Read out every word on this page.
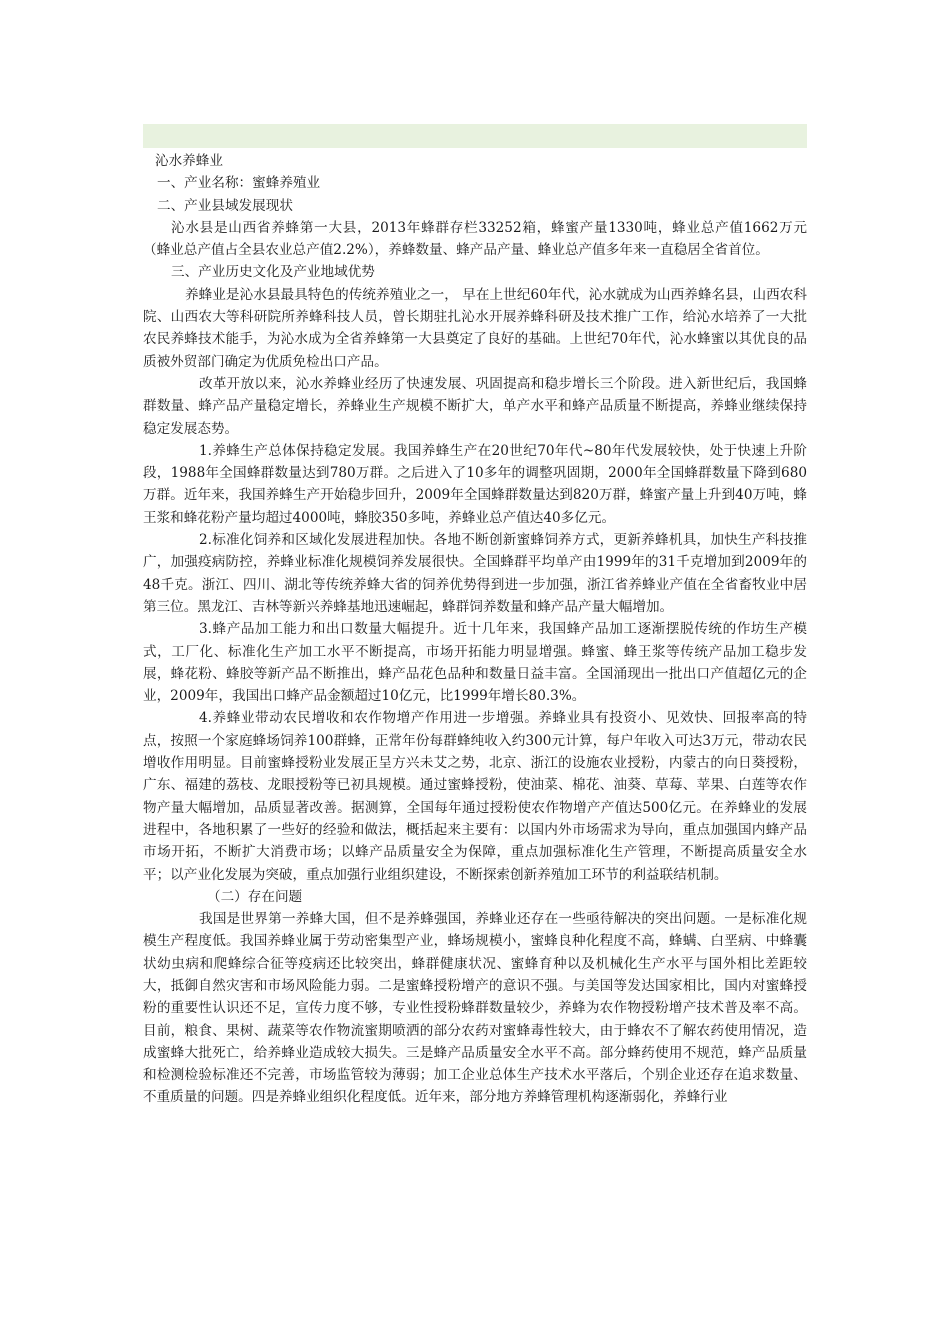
沁水养蜂业

一、产业名称：蜜蜂养殖业

二、产业县域发展现状

沁水县是山西省养蜂第一大县，2013年蜂群存栏33252箱，蜂蜜产量1330吨，蜂业总产值1662万元（蜂业总产值占全县农业总产值2.2%），养蜂数量、蜂产品产量、蜂业总产值多年来一直稳居全省首位。

三、产业历史文化及产业地域优势

养蜂业是沁水县最具特色的传统养殖业之一， 早在上世纪60年代，沁水就成为山西养蜂名县，山西农科院、山西农大等科研院所养蜂科技人员，曾长期驻扎沁水开展养蜂科研及技术推广工作，给沁水培养了一大批农民养蜂技术能手，为沁水成为全省养蜂第一大县奠定了良好的基础。上世纪70年代，沁水蜂蜜以其优良的品质被外贸部门确定为优质免检出口产品。

改革开放以来，沁水养蜂业经历了快速发展、巩固提高和稳步增长三个阶段。进入新世纪后，我国蜂群数量、蜂产品产量稳定增长，养蜂业生产规模不断扩大，单产水平和蜂产品质量不断提高，养蜂业继续保持稳定发展态势。

1.养蜂生产总体保持稳定发展。我国养蜂生产在20世纪70年代~80年代发展较快，处于快速上升阶段，1988年全国蜂群数量达到780万群。之后进入了10多年的调整巩固期，2000年全国蜂群数量下降到680万群。近年来，我国养蜂生产开始稳步回升，2009年全国蜂群数量达到820万群，蜂蜜产量上升到40万吨，蜂王浆和蜂花粉产量均超过4000吨，蜂胶350多吨，养蜂业总产值达40多亿元。

2.标准化饲养和区域化发展进程加快。各地不断创新蜜蜂饲养方式，更新养蜂机具，加快生产科技推广，加强疫病防控，养蜂业标准化规模饲养发展很快。全国蜂群平均单产由1999年的31千克增加到2009年的48千克。浙江、四川、湖北等传统养蜂大省的饲养优势得到进一步加强，浙江省养蜂业产值在全省畜牧业中居第三位。黑龙江、吉林等新兴养蜂基地迅速崛起，蜂群饲养数量和蜂产品产量大幅增加。

3.蜂产品加工能力和出口数量大幅提升。近十几年来，我国蜂产品加工逐渐摆脱传统的作坊生产模式，工厂化、标准化生产加工水平不断提高，市场开拓能力明显增强。蜂蜜、蜂王浆等传统产品加工稳步发展，蜂花粉、蜂胶等新产品不断推出，蜂产品花色品种和数量日益丰富。全国涌现出一批出口产值超亿元的企业，2009年，我国出口蜂产品金额超过10亿元，比1999年增长80.3%。

4.养蜂业带动农民增收和农作物增产作用进一步增强。养蜂业具有投资小、见效快、回报率高的特点，按照一个家庭蜂场饲养100群蜂，正常年份每群蜂纯收入约300元计算，每户年收入可达3万元，带动农民增收作用明显。目前蜜蜂授粉业发展正呈方兴未艾之势，北京、浙江的设施农业授粉，内蒙古的向日葵授粉，广东、福建的荔枝、龙眼授粉等已初具规模。通过蜜蜂授粉，使油菜、棉花、油葵、草莓、苹果、白莲等农作物产量大幅增加，品质显著改善。据测算，全国每年通过授粉使农作物增产产值达500亿元。在养蜂业的发展进程中，各地积累了一些好的经验和做法，概括起来主要有：以国内外市场需求为导向，重点加强国内蜂产品市场开拓，不断扩大消费市场；以蜂产品质量安全为保障，重点加强标准化生产管理，不断提高质量安全水平；以产业化发展为突破，重点加强行业组织建设，不断探索创新养殖加工环节的利益联结机制。

（二）存在问题

我国是世界第一养蜂大国，但不是养蜂强国，养蜂业还存在一些亟待解决的突出问题。一是标准化规模生产程度低。我国养蜂业属于劳动密集型产业，蜂场规模小，蜜蜂良种化程度不高，蜂螨、白垩病、中蜂囊状幼虫病和爬蜂综合征等疫病还比较突出，蜂群健康状况、蜜蜂育种以及机械化生产水平与国外相比差距较大，抵御自然灾害和市场风险能力弱。二是蜜蜂授粉增产的意识不强。与美国等发达国家相比，国内对蜜蜂授粉的重要性认识还不足，宣传力度不够，专业性授粉蜂群数量较少，养蜂为农作物授粉增产技术普及率不高。目前，粮食、果树、蔬菜等农作物流蜜期喷洒的部分农药对蜜蜂毒性较大，由于蜂农不了解农药使用情况，造成蜜蜂大批死亡，给养蜂业造成较大损失。三是蜂产品质量安全水平不高。部分蜂药使用不规范，蜂产品质量和检测检验标准还不完善，市场监管较为薄弱；加工企业总体生产技术水平落后，个别企业还存在追求数量、不重质量的问题。四是养蜂业组织化程度低。近年来，部分地方养蜂管理机构逐渐弱化，养蜂行业
